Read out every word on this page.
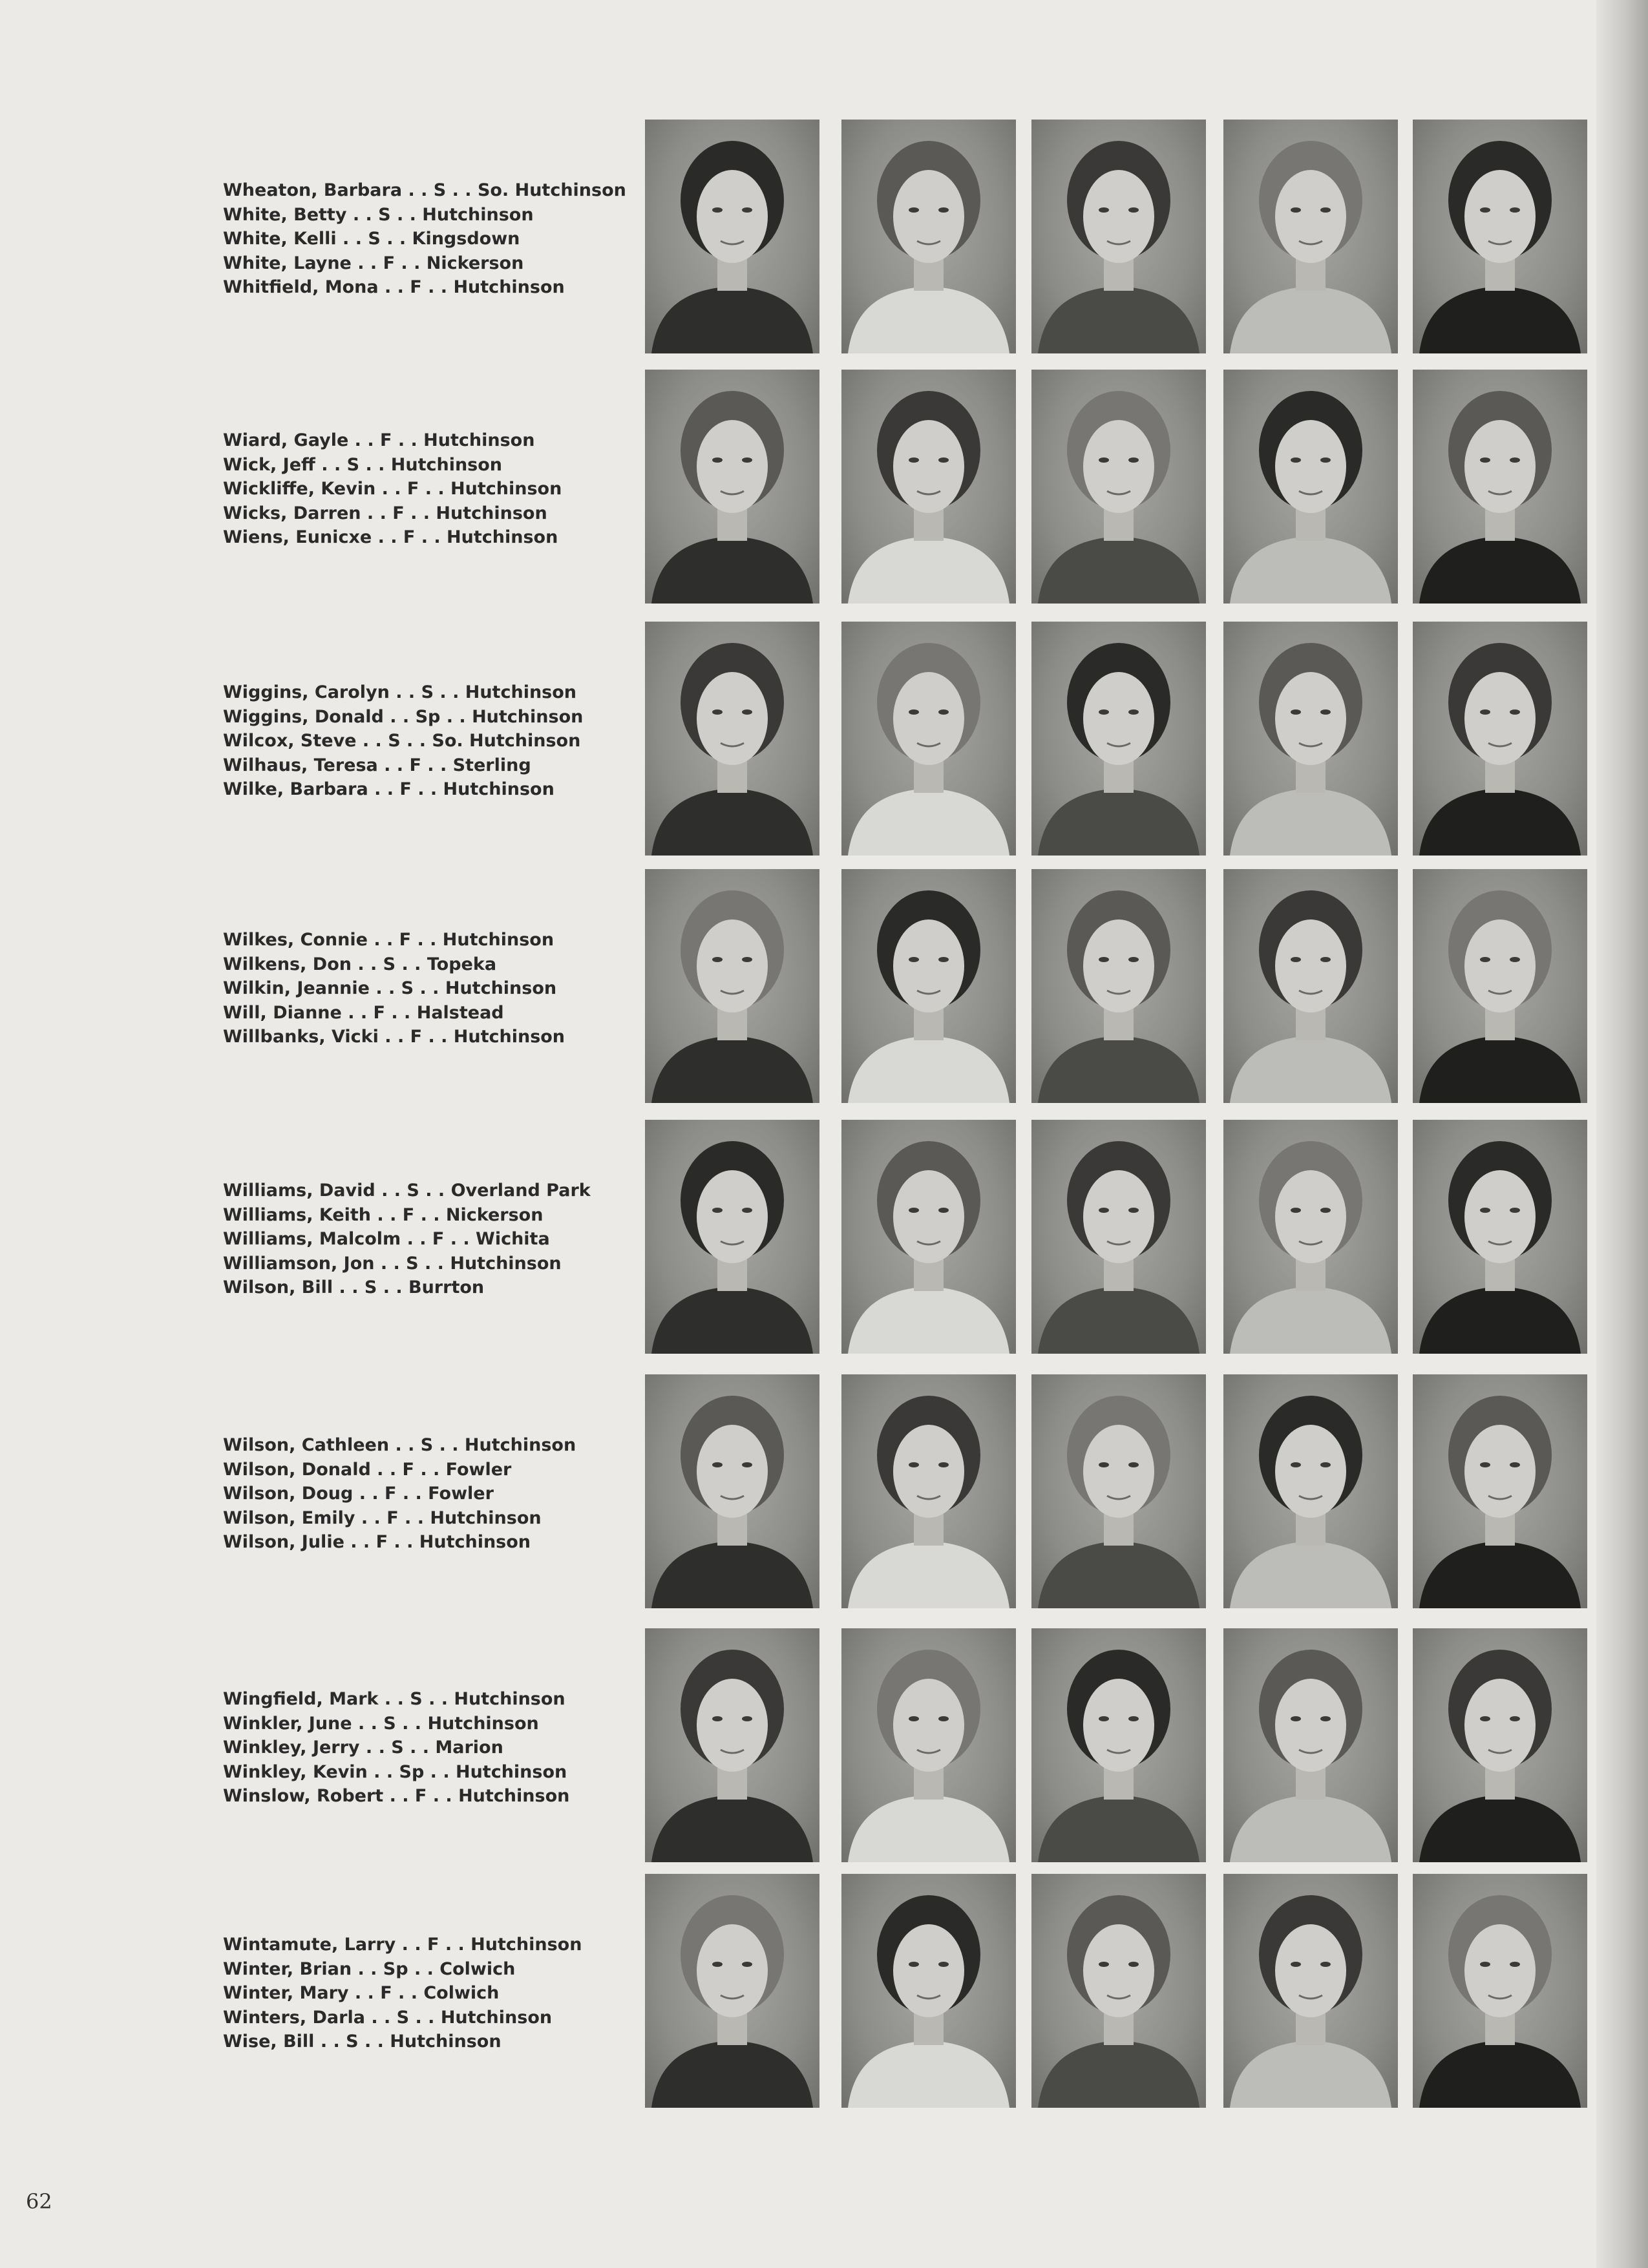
Wheaton, Barbara . . S . . So. Hutchinson
White, Betty . . S . . Hutchinson
White, Kelli . . S . . Kingsdown
White, Layne . . F . . Nickerson
Whitfield, Mona . . F . . Hutchinson
Wiard, Gayle . . F . . Hutchinson
Wick, Jeff . . S . . Hutchinson
Wickliffe, Kevin . . F . . Hutchinson
Wicks, Darren . . F . . Hutchinson
Wiens, Eunicxe . . F . . Hutchinson
Wiggins, Carolyn . . S . . Hutchinson
Wiggins, Donald . . Sp . . Hutchinson
Wilcox, Steve . . S . . So. Hutchinson
Wilhaus, Teresa . . F . . Sterling
Wilke, Barbara . . F . . Hutchinson
Wilkes, Connie . . F . . Hutchinson
Wilkens, Don . . S . . Topeka
Wilkin, Jeannie . . S . . Hutchinson
Will, Dianne . . F . . Halstead
Willbanks, Vicki . . F . . Hutchinson
Williams, David . . S . . Overland Park
Williams, Keith . . F . . Nickerson
Williams, Malcolm . . F . . Wichita
Williamson, Jon . . S . . Hutchinson
Wilson, Bill . . S . . Burrton
Wilson, Cathleen . . S . . Hutchinson
Wilson, Donald . . F . . Fowler
Wilson, Doug . . F . . Fowler
Wilson, Emily . . F . . Hutchinson
Wilson, Julie . . F . . Hutchinson
Wingfield, Mark . . S . . Hutchinson
Winkler, June . . S . . Hutchinson
Winkley, Jerry . . S . . Marion
Winkley, Kevin . . Sp . . Hutchinson
Winslow, Robert . . F . . Hutchinson
Wintamute, Larry . . F . . Hutchinson
Winter, Brian . . Sp . . Colwich
Winter, Mary . . F . . Colwich
Winters, Darla . . S . . Hutchinson
Wise, Bill . . S . . Hutchinson
62
